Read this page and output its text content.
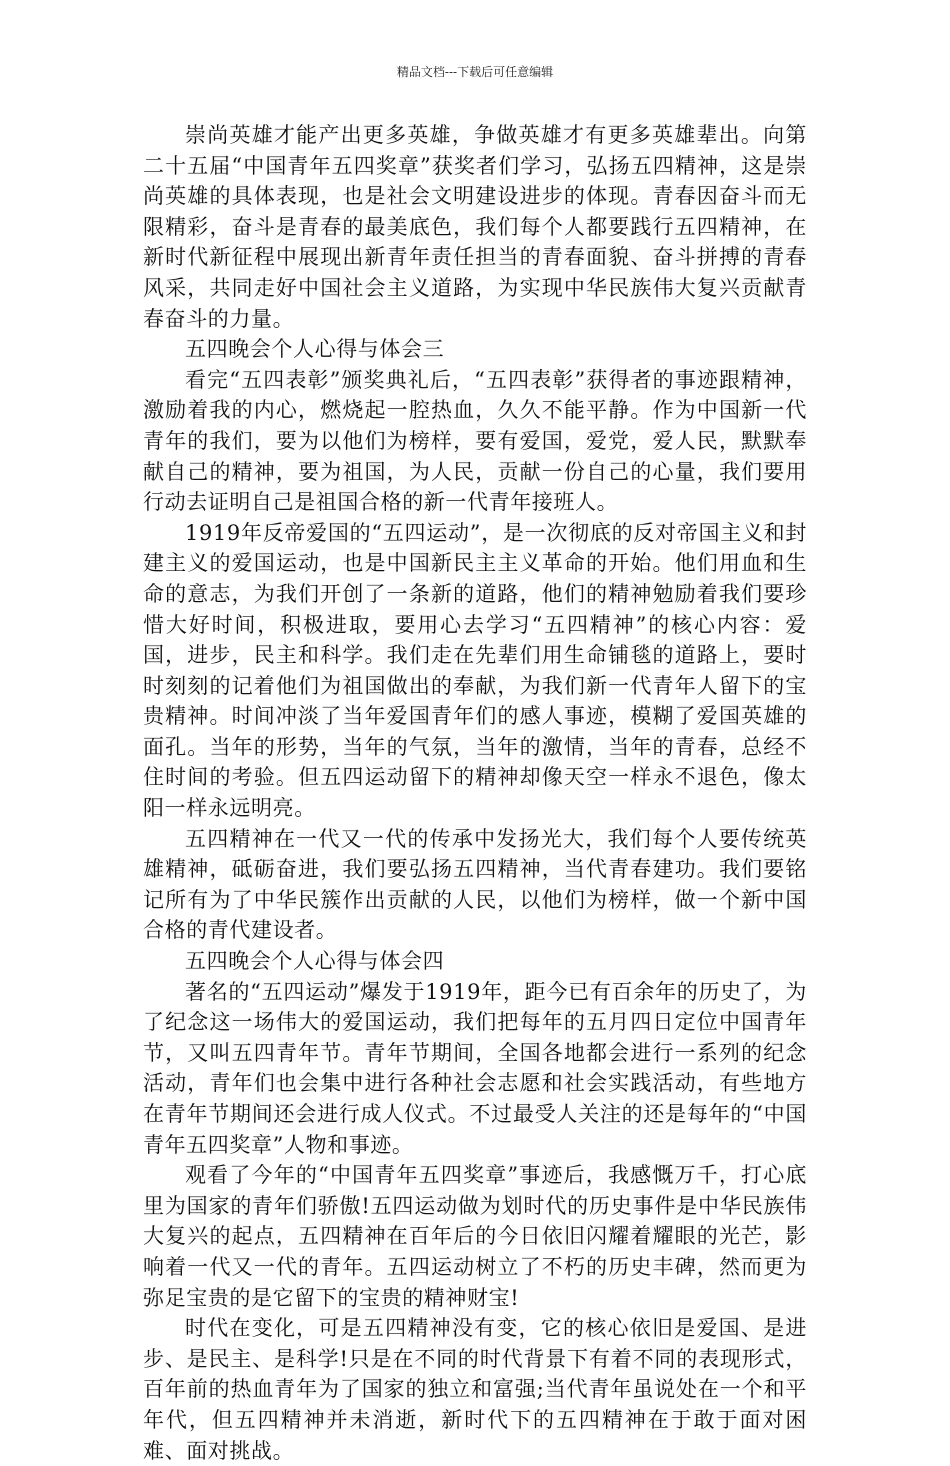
精品文档---下载后可任意编辑

崇尚英雄才能产出更多英雄，争做英雄才有更多英雄辈出。向第二十五届“中国青年五四奖章”获奖者们学习，弘扬五四精神，这是崇尚英雄的具体表现，也是社会文明建设进步的体现。青春因奋斗而无限精彩，奋斗是青春的最美底色，我们每个人都要践行五四精神，在新时代新征程中展现出新青年责任担当的青春面貌、奋斗拼搏的青春风采，共同走好中国社会主义道路，为实现中华民族伟大复兴贡献青春奋斗的力量。

五四晚会个人心得与体会三

看完“五四表彰”颁奖典礼后，“五四表彰”获得者的事迹跟精神，激励着我的内心，燃烧起一腔热血，久久不能平静。作为中国新一代青年的我们，要为以他们为榜样，要有爱国，爱党，爱人民，默默奉献自己的精神，要为祖国，为人民，贡献一份自己的心量，我们要用行动去证明自己是祖国合格的新一代青年接班人。

1919年反帝爱国的“五四运动”，是一次彻底的反对帝国主义和封建主义的爱国运动，也是中国新民主主义革命的开始。他们用血和生命的意志，为我们开创了一条新的道路，他们的精神勉励着我们要珍惜大好时间，积极进取，要用心去学习“五四精神”的核心内容：爱国，进步，民主和科学。我们走在先辈们用生命铺毯的道路上，要时时刻刻的记着他们为祖国做出的奉献，为我们新一代青年人留下的宝贵精神。时间冲淡了当年爱国青年们的感人事迹，模糊了爱国英雄的面孔。当年的形势，当年的气氛，当年的激情，当年的青春，总经不住时间的考验。但五四运动留下的精神却像天空一样永不退色，像太阳一样永远明亮。

五四精神在一代又一代的传承中发扬光大，我们每个人要传统英雄精神，砥砺奋进，我们要弘扬五四精神，当代青春建功。我们要铭记所有为了中华民簇作出贡献的人民，以他们为榜样，做一个新中国合格的青代建设者。

五四晚会个人心得与体会四

著名的“五四运动”爆发于1919年，距今已有百余年的历史了，为了纪念这一场伟大的爱国运动，我们把每年的五月四日定位中国青年节，又叫五四青年节。青年节期间，全国各地都会进行一系列的纪念活动，青年们也会集中进行各种社会志愿和社会实践活动，有些地方在青年节期间还会进行成人仪式。不过最受人关注的还是每年的“中国青年五四奖章”人物和事迹。

观看了今年的“中国青年五四奖章”事迹后，我感慨万千，打心底里为国家的青年们骄傲!五四运动做为划时代的历史事件是中华民族伟大复兴的起点，五四精神在百年后的今日依旧闪耀着耀眼的光芒，影响着一代又一代的青年。五四运动树立了不朽的历史丰碑，然而更为弥足宝贵的是它留下的宝贵的精神财宝!

时代在变化，可是五四精神没有变，它的核心依旧是爱国、是进步、是民主、是科学!只是在不同的时代背景下有着不同的表现形式，百年前的热血青年为了国家的独立和富强;当代青年虽说处在一个和平年代，但五四精神并未消逝，新时代下的五四精神在于敢于面对困难、面对挑战。
